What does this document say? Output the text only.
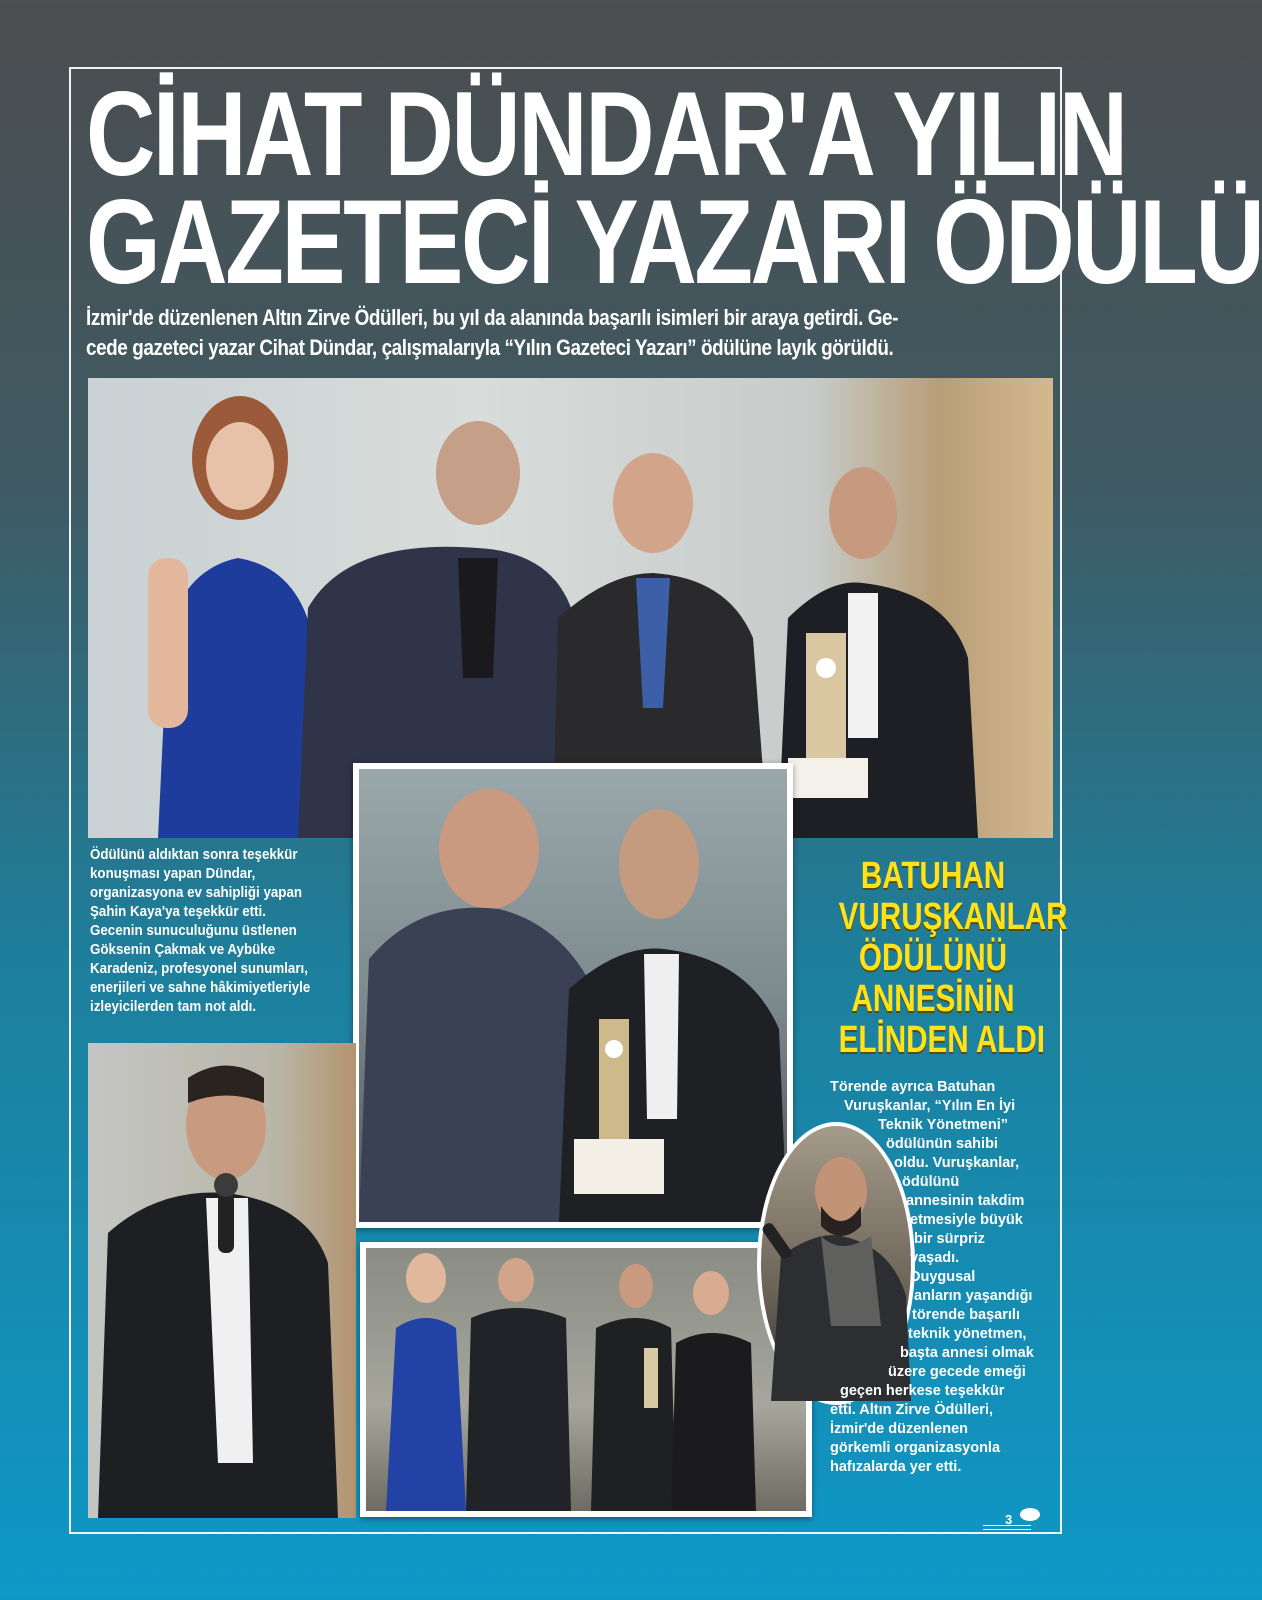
CİHAT DÜNDAR'A YILIN
GAZETECİ YAZARI ÖDÜLÜ
İzmir'de düzenlenen Altın Zirve Ödülleri, bu yıl da alanında başarılı isimleri bir araya getirdi. Ge-
cede gazeteci yazar Cihat Dündar, çalışmalarıyla “Yılın Gazeteci Yazarı” ödülüne layık görüldü.
Ödülünü aldıktan sonra teşekkür
konuşması yapan Dündar,
organizasyona ev sahipliği yapan
Şahin Kaya'ya teşekkür etti.
Gecenin sunuculuğunu üstlenen
Göksenin Çakmak ve Aybüke
Karadeniz, profesyonel sunumları,
enerjileri ve sahne hâkimiyetleriyle
izleyicilerden tam not aldı.
BATUHAN
VURUŞKANLAR
ÖDÜLÜNÜ
ANNESİNİN
ELİNDEN ALDI
Törende ayrıca Batuhan
Vuruşkanlar, “Yılın En İyi
Teknik Yönetmeni”
ödülünün sahibi
oldu. Vuruşkanlar,
ödülünü
annesinin takdim
etmesiyle büyük
bir sürpriz
yaşadı.
Duygusal
anların yaşandığı
törende başarılı
teknik yönetmen,
başta annesi olmak
üzere gecede emeği
geçen herkese teşekkür
etti. Altın Zirve Ödülleri,
İzmir'de düzenlenen
görkemli organizasyonla
hafızalarda yer etti.
3
